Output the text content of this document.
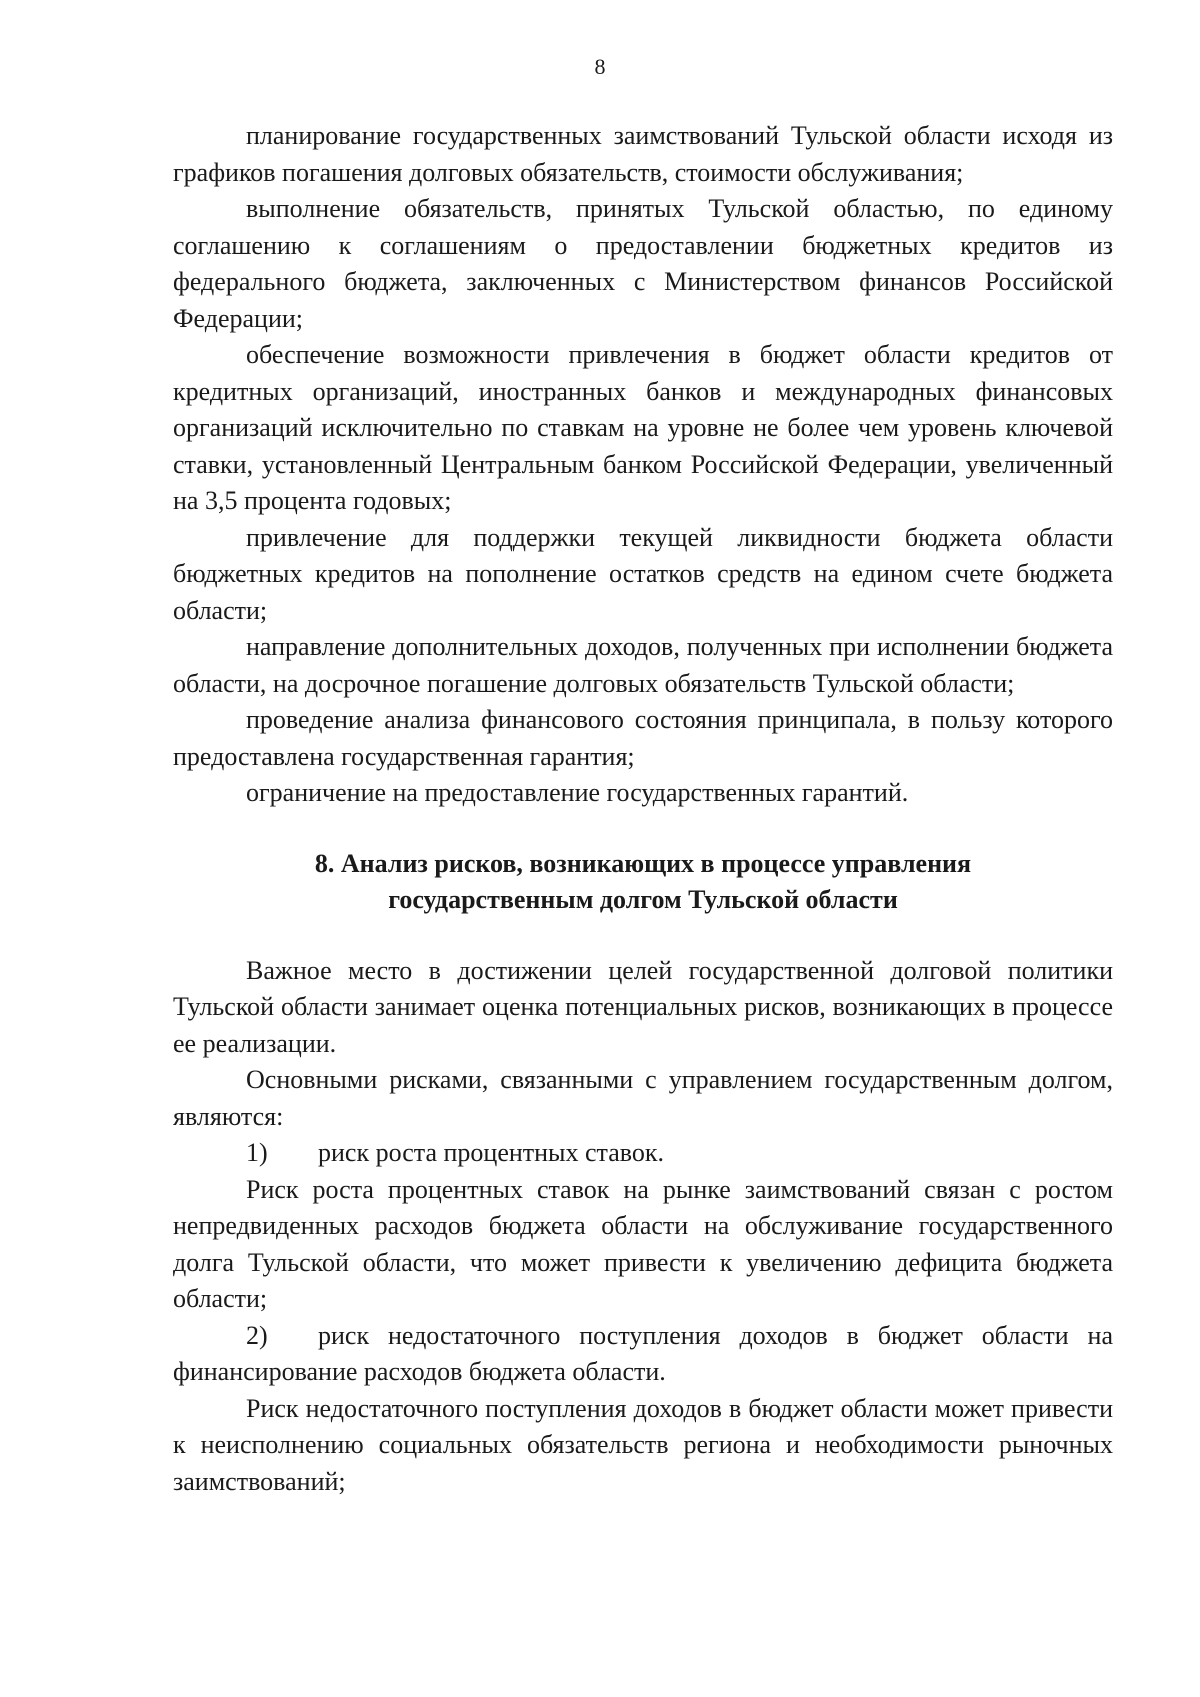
8

планирование государственных заимствований Тульской области исходя из графиков погашения долговых обязательств, стоимости обслуживания;

выполнение обязательств, принятых Тульской областью, по единому соглашению к соглашениям о предоставлении бюджетных кредитов из федерального бюджета, заключенных с Министерством финансов Российской Федерации;

обеспечение возможности привлечения в бюджет области кредитов от кредитных организаций, иностранных банков и международных финансовых организаций исключительно по ставкам на уровне не более чем уровень ключевой ставки, установленный Центральным банком Российской Федерации, увеличенный на 3,5 процента годовых;

привлечение для поддержки текущей ликвидности бюджета области бюджетных кредитов на пополнение остатков средств на едином счете бюджета области;

направление дополнительных доходов, полученных при исполнении бюджета области, на досрочное погашение долговых обязательств Тульской области;

проведение анализа финансового состояния принципала, в пользу которого предоставлена государственная гарантия;

ограничение на предоставление государственных гарантий.

8. Анализ рисков, возникающих в процессе управления
государственным долгом Тульской области

Важное место в достижении целей государственной долговой политики Тульской области занимает оценка потенциальных рисков, возникающих в процессе ее реализации.

Основными рисками, связанными с управлением государственным долгом, являются:

1) риск роста процентных ставок.

Риск роста процентных ставок на рынке заимствований связан с ростом непредвиденных расходов бюджета области на обслуживание государственного долга Тульской области, что может привести к увеличению дефицита бюджета области;

2) риск недостаточного поступления доходов в бюджет области на финансирование расходов бюджета области.

Риск недостаточного поступления доходов в бюджет области может привести к неисполнению социальных обязательств региона и необходимости рыночных заимствований;
